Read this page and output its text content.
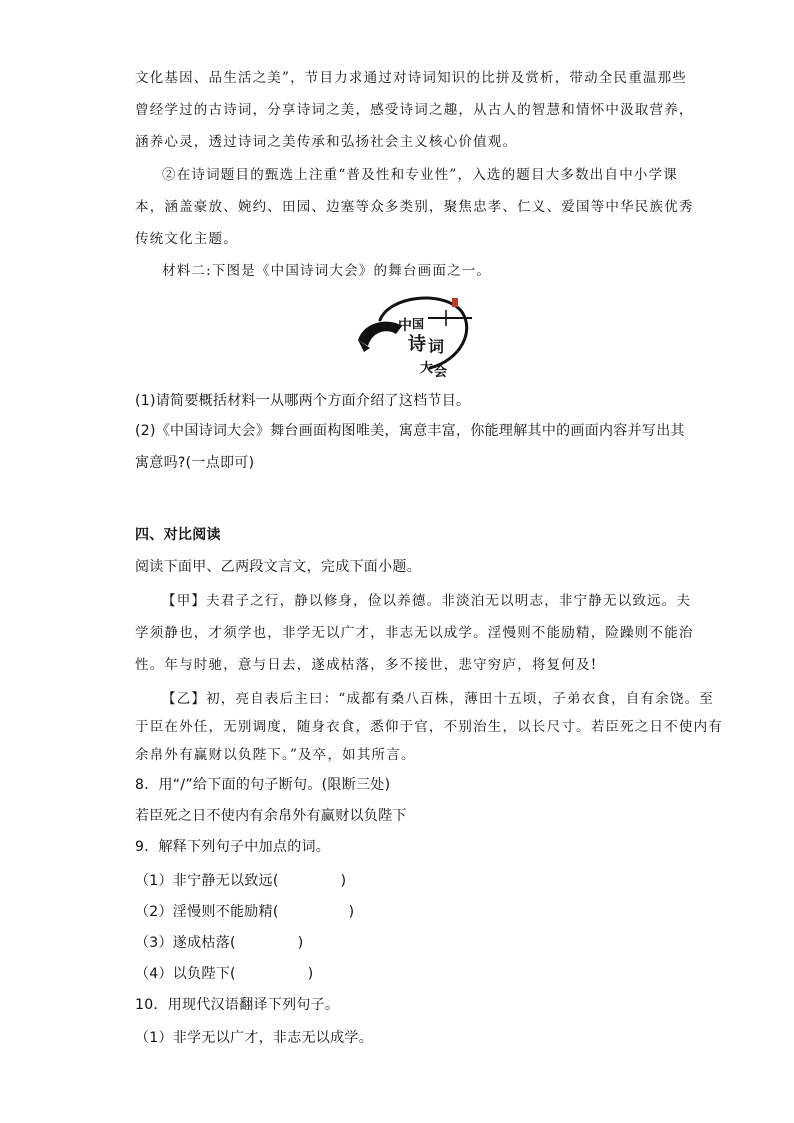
文化基因、品生活之美”，节目力求通过对诗词知识的比拼及赏析，带动全民重温那些
曾经学过的古诗词，分享诗词之美，感受诗词之趣，从古人的智慧和情怀中汲取营养，
涵养心灵，透过诗词之美传承和弘扬社会主义核心价值观。
②在诗词题目的甄选上注重“普及性和专业性”，入选的题目大多数出自中小学课
本，涵盖豪放、婉约、田园、边塞等众多类别，聚焦忠孝、仁义、爱国等中华民族优秀
传统文化主题。
材料二:下图是《中国诗词大会》的舞台画面之一。
中 国
诗 词
大 会
(1)请简要概括材料一从哪两个方面介绍了这档节目。
(2)《中国诗词大会》舞台画面构图唯美，寓意丰富，你能理解其中的画面内容并写出其
寓意吗?(一点即可)
四、对比阅读
阅读下面甲、乙两段文言文，完成下面小题。
【甲】夫君子之行，静以修身，俭以养德。非淡泊无以明志，非宁静无以致远。夫
学须静也，才须学也，非学无以广才，非志无以成学。淫慢则不能励精，险躁则不能治
性。年与时驰，意与日去，遂成枯落，多不接世，悲守穷庐，将复何及!
【乙】初，亮自表后主曰：“成都有桑八百株，薄田十五顷，子弟衣食，自有余饶。至
于臣在外任，无别调度，随身衣食，悉仰于官，不别治生，以长尺寸。若臣死之日不使内有
余帛外有赢财以负陛下。”及卒，如其所言。
8．用“/”给下面的句子断句。(限断三处)
若臣死之日不使内有余帛外有赢财以负陛下
9．解释下列句子中加点的词。
（1）非宁静无以致远(	)
（2）淫慢则不能励精(	)
（3）遂成枯落(	)
（4）以负陛下(	)
10．用现代汉语翻译下列句子。
（1）非学无以广才，非志无以成学。
